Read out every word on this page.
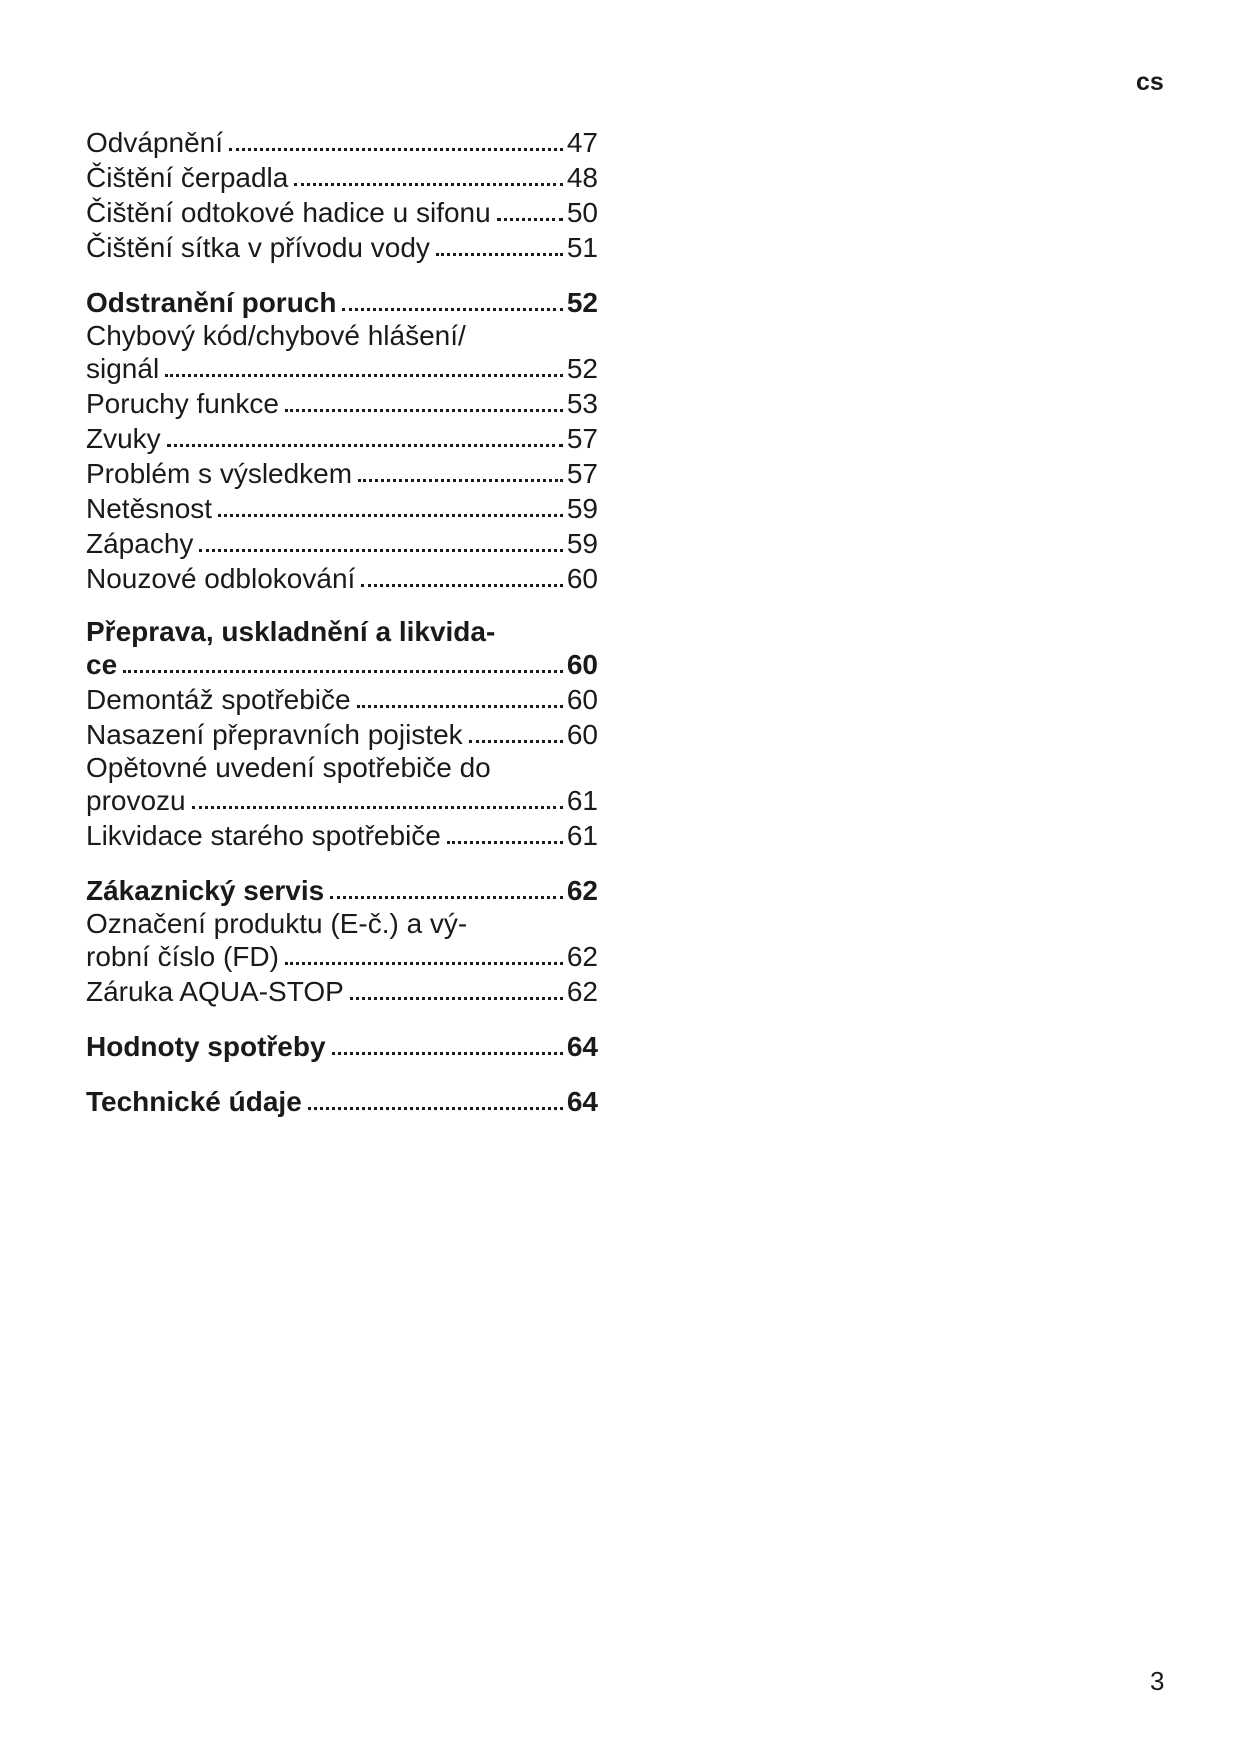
cs
Odvápnění	47
Čištění čerpadla	48
Čištění odtokové hadice u sifonu	50
Čištění sítka v přívodu vody	51
Odstranění poruch	52
Chybový kód/chybové hlášení/
signál	52
Poruchy funkce	53
Zvuky	57
Problém s výsledkem	57
Netěsnost	59
Zápachy	59
Nouzové odblokování	60
Přeprava, uskladnění a likvida-
ce	60
Demontáž spotřebiče	60
Nasazení přepravních pojistek	60
Opětovné uvedení spotřebiče do
provozu	61
Likvidace starého spotřebiče	61
Zákaznický servis	62
Označení produktu (E-č.) a vý-
robní číslo (FD)	62
Záruka AQUA-STOP	62
Hodnoty spotřeby	64
Technické údaje	64
3
